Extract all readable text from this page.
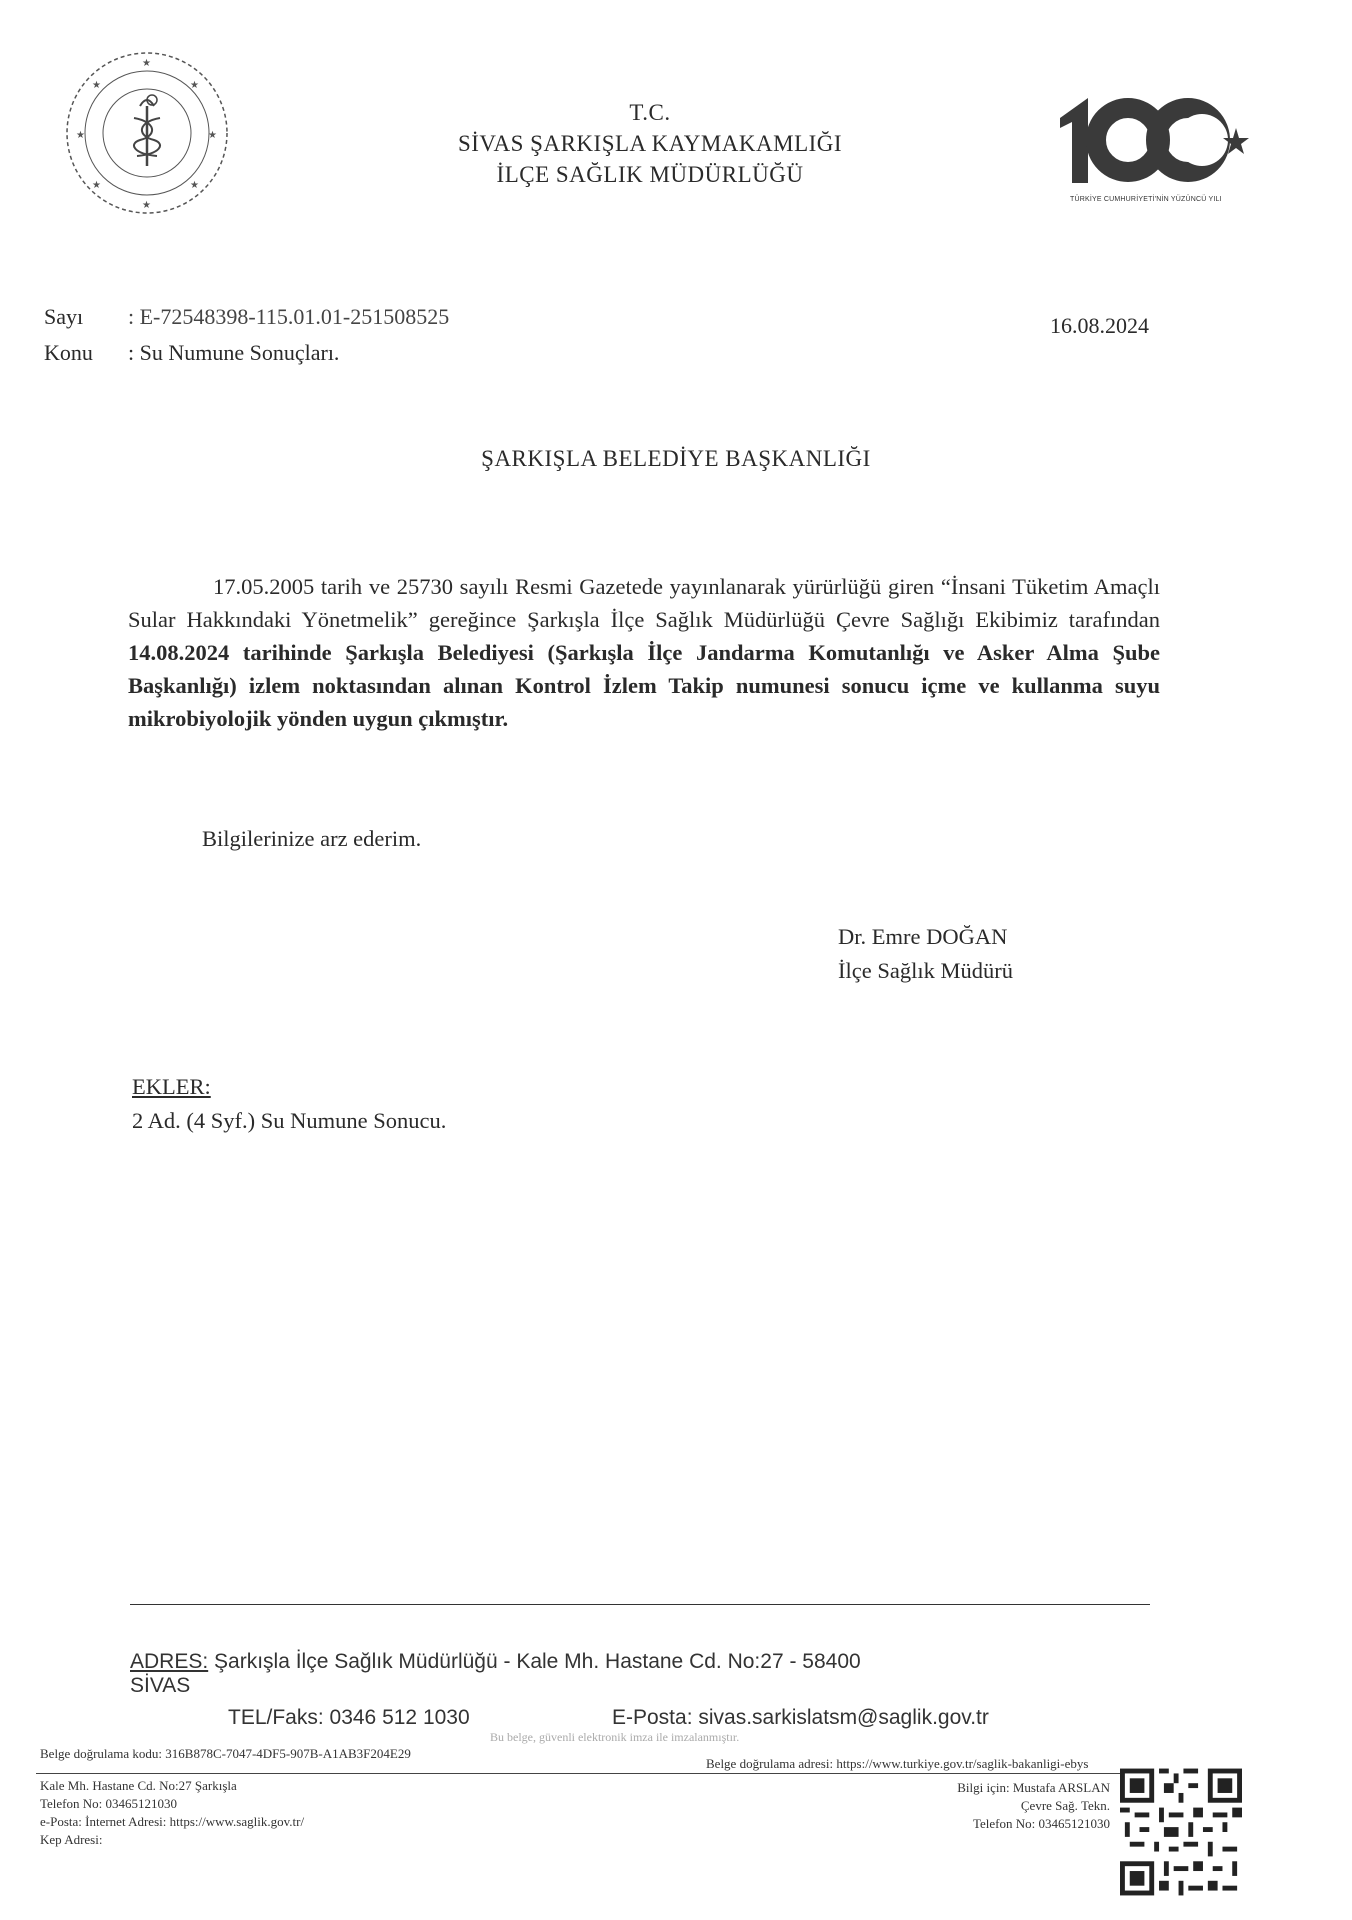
★	★
★	★
★	★
★
★
T.C.
SİVAS ŞARKIŞLA KAYMAKAMLIĞI
İLÇE SAĞLIK MÜDÜRLÜĞÜ
TÜRKİYE CUMHURİYETİ'NİN YÜZÜNCÜ YILI
Sayı : E-72548398-115.01.01-251508525
Konu : Su Numune Sonuçları.
16.08.2024
ŞARKIŞLA BELEDİYE BAŞKANLIĞI
17.05.2005 tarih ve 25730 sayılı Resmi Gazetede yayınlanarak yürürlüğü giren “İnsani Tüketim Amaçlı Sular Hakkındaki Yönetmelik” gereğince Şarkışla İlçe Sağlık Müdürlüğü Çevre Sağlığı Ekibimiz tarafından 14.08.2024 tarihinde Şarkışla Belediyesi (Şarkışla İlçe Jandarma Komutanlığı ve Asker Alma Şube Başkanlığı) izlem noktasından alınan Kontrol İzlem Takip numunesi sonucu içme ve kullanma suyu mikrobiyolojik yönden uygun çıkmıştır.
Bilgilerinize arz ederim.
Dr. Emre DOĞAN
İlçe Sağlık Müdürü
EKLER:
2 Ad. (4 Syf.) Su Numune Sonucu.
ADRES: Şarkışla İlçe Sağlık Müdürlüğü - Kale Mh. Hastane Cd. No:27 - 58400
SİVAS
TEL/Faks: 0346 512 1030	E-Posta: sivas.sarkislatsm@saglik.gov.tr
Bu belge, güvenli elektronik imza ile imzalanmıştır.
Belge doğrulama kodu: 316B878C-7047-4DF5-907B-A1AB3F204E29
Belge doğrulama adresi: https://www.turkiye.gov.tr/saglik-bakanligi-ebys
Kale Mh. Hastane Cd. No:27 Şarkışla
Telefon No: 03465121030
e-Posta: İnternet Adresi: https://www.saglik.gov.tr/
Kep Adresi:
Bilgi için: Mustafa ARSLAN
Çevre Sağ. Tekn.
Telefon No: 03465121030
